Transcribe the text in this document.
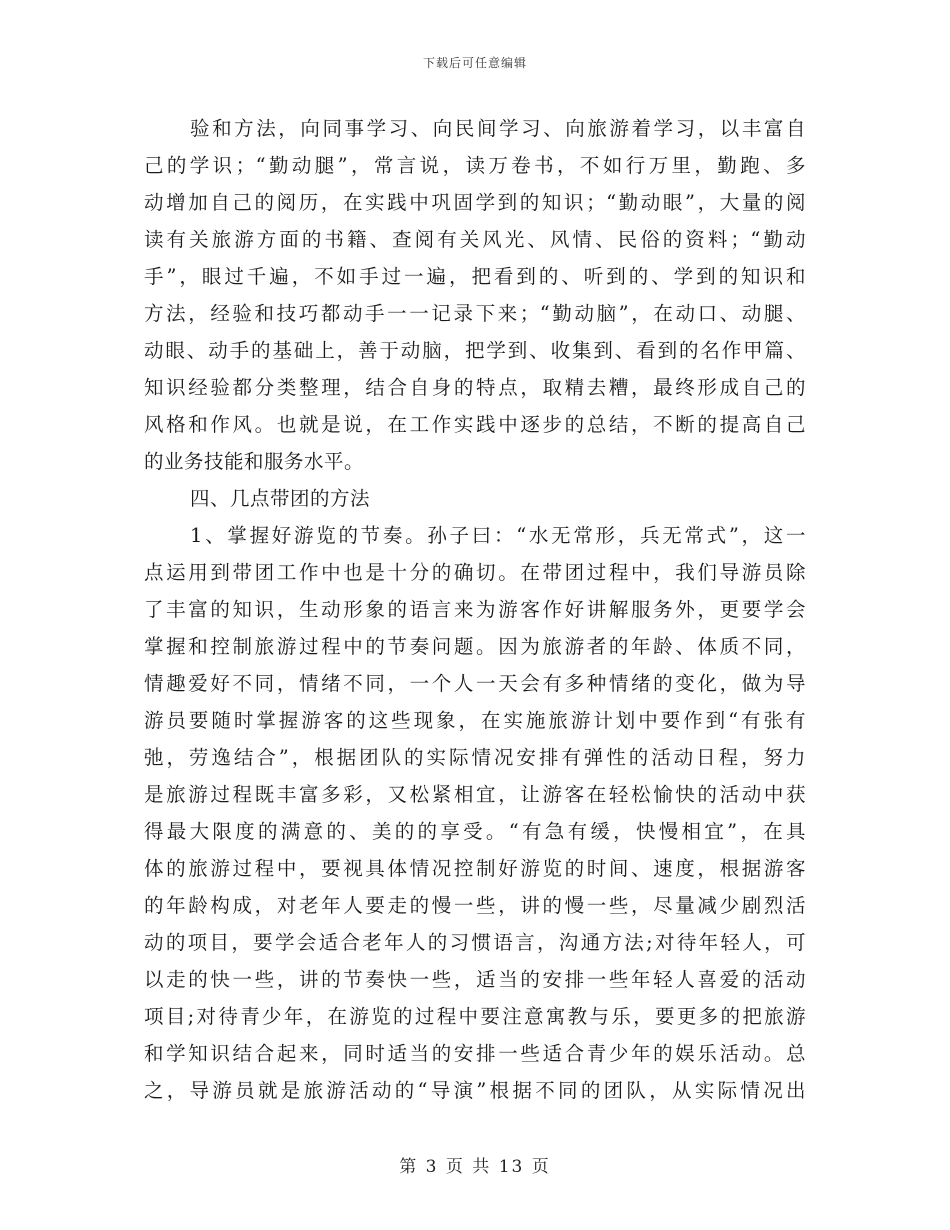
下载后可任意编辑
验和方法，向同事学习、向民间学习、向旅游着学习，以丰富自
己的学识；“勤动腿”，常言说，读万卷书，不如行万里，勤跑、多
动增加自己的阅历，在实践中巩固学到的知识；“勤动眼”，大量的阅
读有关旅游方面的书籍、查阅有关风光、风情、民俗的资料；“勤动
手”，眼过千遍，不如手过一遍，把看到的、听到的、学到的知识和
方法，经验和技巧都动手一一记录下来；“勤动脑”，在动口、动腿、
动眼、动手的基础上，善于动脑，把学到、收集到、看到的名作甲篇、
知识经验都分类整理，结合自身的特点，取精去糟，最终形成自己的
风格和作风。也就是说，在工作实践中逐步的总结，不断的提高自己
的业务技能和服务水平。
四、几点带团的方法
1、掌握好游览的节奏。孙子曰：“水无常形，兵无常式”，这一
点运用到带团工作中也是十分的确切。在带团过程中，我们导游员除
了丰富的知识，生动形象的语言来为游客作好讲解服务外，更要学会
掌握和控制旅游过程中的节奏问题。因为旅游者的年龄、体质不同，
情趣爱好不同，情绪不同，一个人一天会有多种情绪的变化，做为导
游员要随时掌握游客的这些现象，在实施旅游计划中要作到“有张有
弛，劳逸结合”，根据团队的实际情况安排有弹性的活动日程，努力
是旅游过程既丰富多彩，又松紧相宜，让游客在轻松愉快的活动中获
得最大限度的满意的、美的的享受。“有急有缓，快慢相宜”，在具
体的旅游过程中，要视具体情况控制好游览的时间、速度，根据游客
的年龄构成，对老年人要走的慢一些，讲的慢一些，尽量减少剧烈活
动的项目，要学会适合老年人的习惯语言，沟通方法;对待年轻人，可
以走的快一些，讲的节奏快一些，适当的安排一些年轻人喜爱的活动
项目;对待青少年，在游览的过程中要注意寓教与乐，要更多的把旅游
和学知识结合起来，同时适当的安排一些适合青少年的娱乐活动。总
之，导游员就是旅游活动的“导演”根据不同的团队，从实际情况出
第 3 页 共 13 页
